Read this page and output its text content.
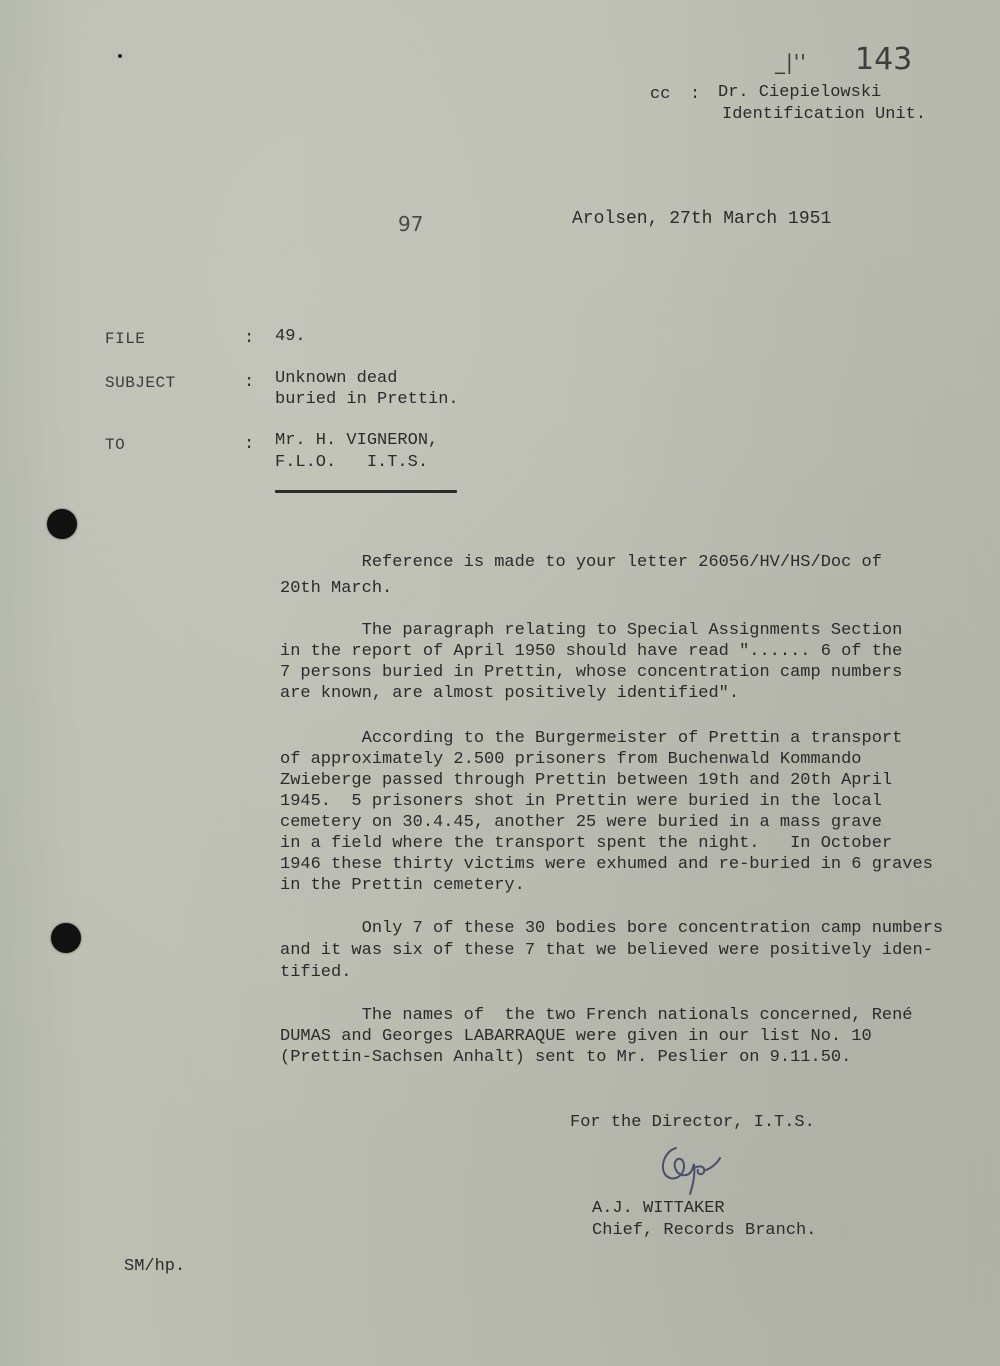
_|'' 143
cc : Dr. Ciepielowski
Identification Unit.
97	Arolsen, 27th March 1951
FILE	: 49.
SUBJECT	: Unknown dead
buried in Prettin.
TO	: Mr. H. VIGNERON,
F.L.O.   I.T.S.
Reference is made to your letter 26056/HV/HS/Doc of
20th March.
The paragraph relating to Special Assignments Section
in the report of April 1950 should have read "...... 6 of the
7 persons buried in Prettin, whose concentration camp numbers
are known, are almost positively identified".
According to the Burgermeister of Prettin a transport
of approximately 2.500 prisoners from Buchenwald Kommando
Zwieberge passed through Prettin between 19th and 20th April
1945.  5 prisoners shot in Prettin were buried in the local
cemetery on 30.4.45, another 25 were buried in a mass grave
in a field where the transport spent the night.   In October
1946 these thirty victims were exhumed and re-buried in 6 graves
in the Prettin cemetery.
Only 7 of these 30 bodies bore concentration camp numbers
and it was six of these 7 that we believed were positively iden-
tified.
The names of  the two French nationals concerned, René
DUMAS and Georges LABARRAQUE were given in our list No. 10
(Prettin-Sachsen Anhalt) sent to Mr. Peslier on 9.11.50.
For the Director, I.T.S.
A.J. WITTAKER
Chief, Records Branch.
SM/hp.
